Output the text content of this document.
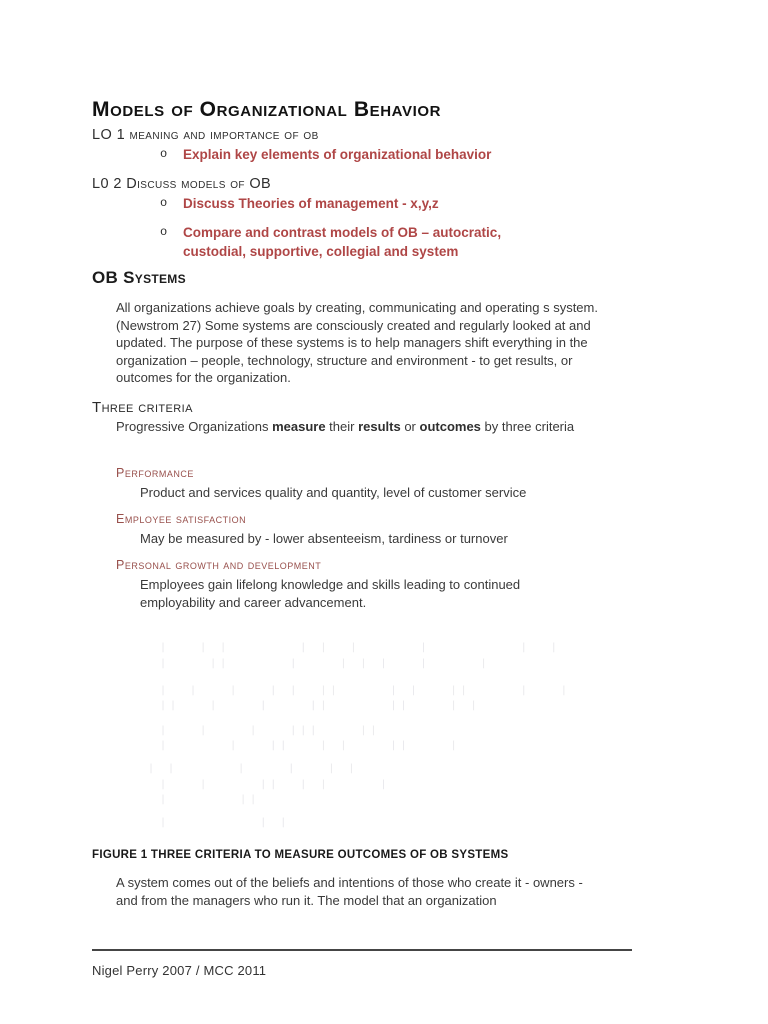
Models of Organizational Behavior
LO 1 meaning and importance of ob
o	Explain key elements of organizational behavior
L0 2 Discuss models of OB
o	Discuss Theories of management - x,y,z
o	Compare and contrast models of OB – autocratic, custodial, supportive, collegial and system
OB Systems
All organizations achieve goals by creating, communicating and operating s system. (Newstrom 27) Some systems are consciously created and regularly looked at and updated. The purpose of these systems is to help managers shift everything in the organization – people, technology, structure and environment - to get results, or outcomes for the organization.
Three criteria
Progressive Organizations measure their results or outcomes by three criteria
Performance
Product and services quality and quantity, level of customer service
Employee satisfaction
May be measured by - lower absenteeism, tardiness or turnover
Personal growth and development
Employees gain lifelong knowledge and skills leading to continued employability and career advancement.
|   | |       | |  |      |         |  |
|    ||      |    | | |   |     |
|  |   |   | |  ||     | |   ||     |   |
||   |    |    ||      ||    | |
|   |    |   |||    ||
|      |   ||   | |    ||    |
| |      |    |   | |
|   |     ||  | |     |
|       ||
|         | |
FIGURE 1 THREE CRITERIA TO MEASURE OUTCOMES OF OB SYSTEMS
A system comes out of the beliefs and intentions of those who create it - owners - and from the managers who run it. The model that an organization
Nigel Perry 2007 / MCC 2011
